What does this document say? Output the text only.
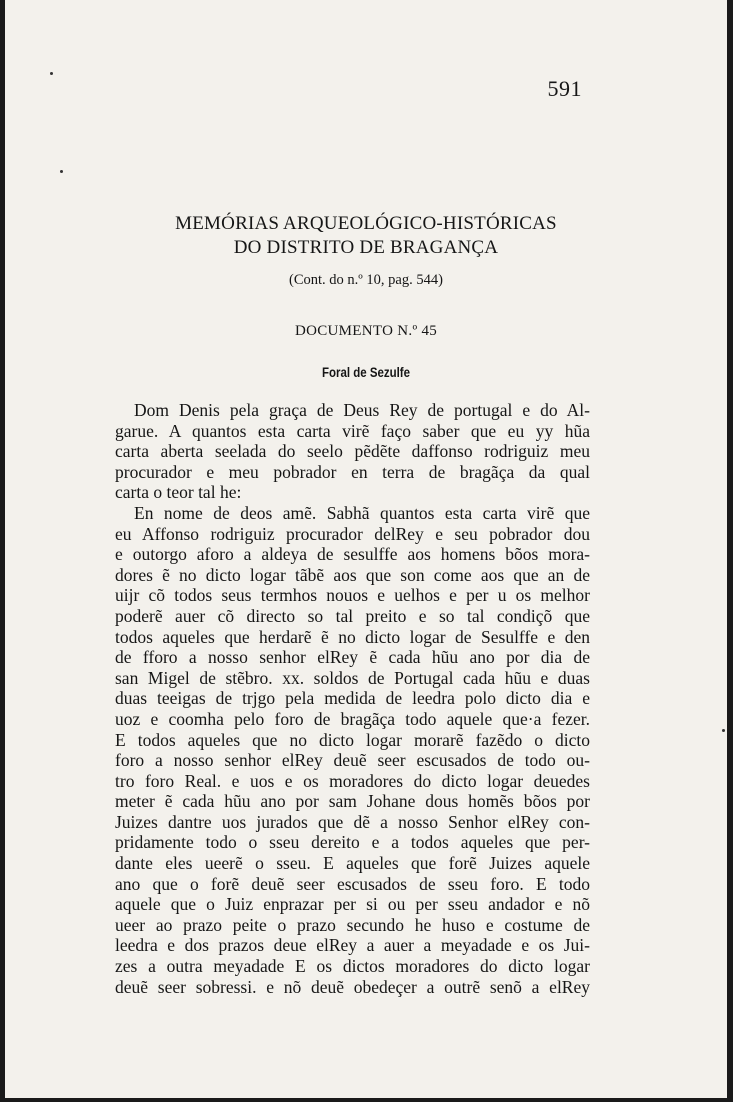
591
MEMÓRIAS ARQUEOLÓGICO-HISTÓRICAS
DO DISTRITO DE BRAGANÇA
(Cont. do n.º 10, pag. 544)
DOCUMENTO N.º 45
Foral de Sezulfe
Dom Denis pela graça de Deus Rey de portugal e do Al-
garue. A quantos esta carta virẽ faço saber que eu yy hũa
carta aberta seelada do seelo pẽdẽte daffonso rodriguiz meu
procurador e meu pobrador en terra de bragãça da qual
carta o teor tal he:
En nome de deos amẽ. Sabhã quantos esta carta virẽ que
eu Affonso rodriguiz procurador delRey e seu pobrador dou
e outorgo aforo a aldeya de sesulffe aos homens bõos mora-
dores ẽ no dicto logar tãbẽ aos que son come aos que an de
uijr cõ todos seus termhos nouos e uelhos e per u os melhor
poderẽ auer cõ directo so tal preito e so tal condiçõ que
todos aqueles que herdarẽ ẽ no dicto logar de Sesulffe e den
de fforo a nosso senhor elRey ẽ cada hũu ano por dia de
san Migel de stẽbro. xx. soldos de Portugal cada hũu e duas
duas teeigas de trjgo pela medida de leedra polo dicto dia e
uoz e coomha pelo foro de bragãça todo aquele que·a fezer.
E todos aqueles que no dicto logar morarẽ fazẽdo o dicto
foro a nosso senhor elRey deuẽ seer escusados de todo ou-
tro foro Real. e uos e os moradores do dicto logar deuedes
meter ẽ cada hũu ano por sam Johane dous homẽs bõos por
Juizes dantre uos jurados que dẽ a nosso Senhor elRey con-
pridamente todo o sseu dereito e a todos aqueles que per-
dante eles ueerẽ o sseu. E aqueles que forẽ Juizes aquele
ano que o forẽ deuẽ seer escusados de sseu foro. E todo
aquele que o Juiz enprazar per si ou per sseu andador e nõ
ueer ao prazo peite o prazo secundo he huso e costume de
leedra e dos prazos deue elRey a auer a meyadade e os Jui-
zes a outra meyadade E os dictos moradores do dicto logar
deuẽ seer sobressi. e nõ deuẽ obedeçer a outrẽ senõ a elRey
